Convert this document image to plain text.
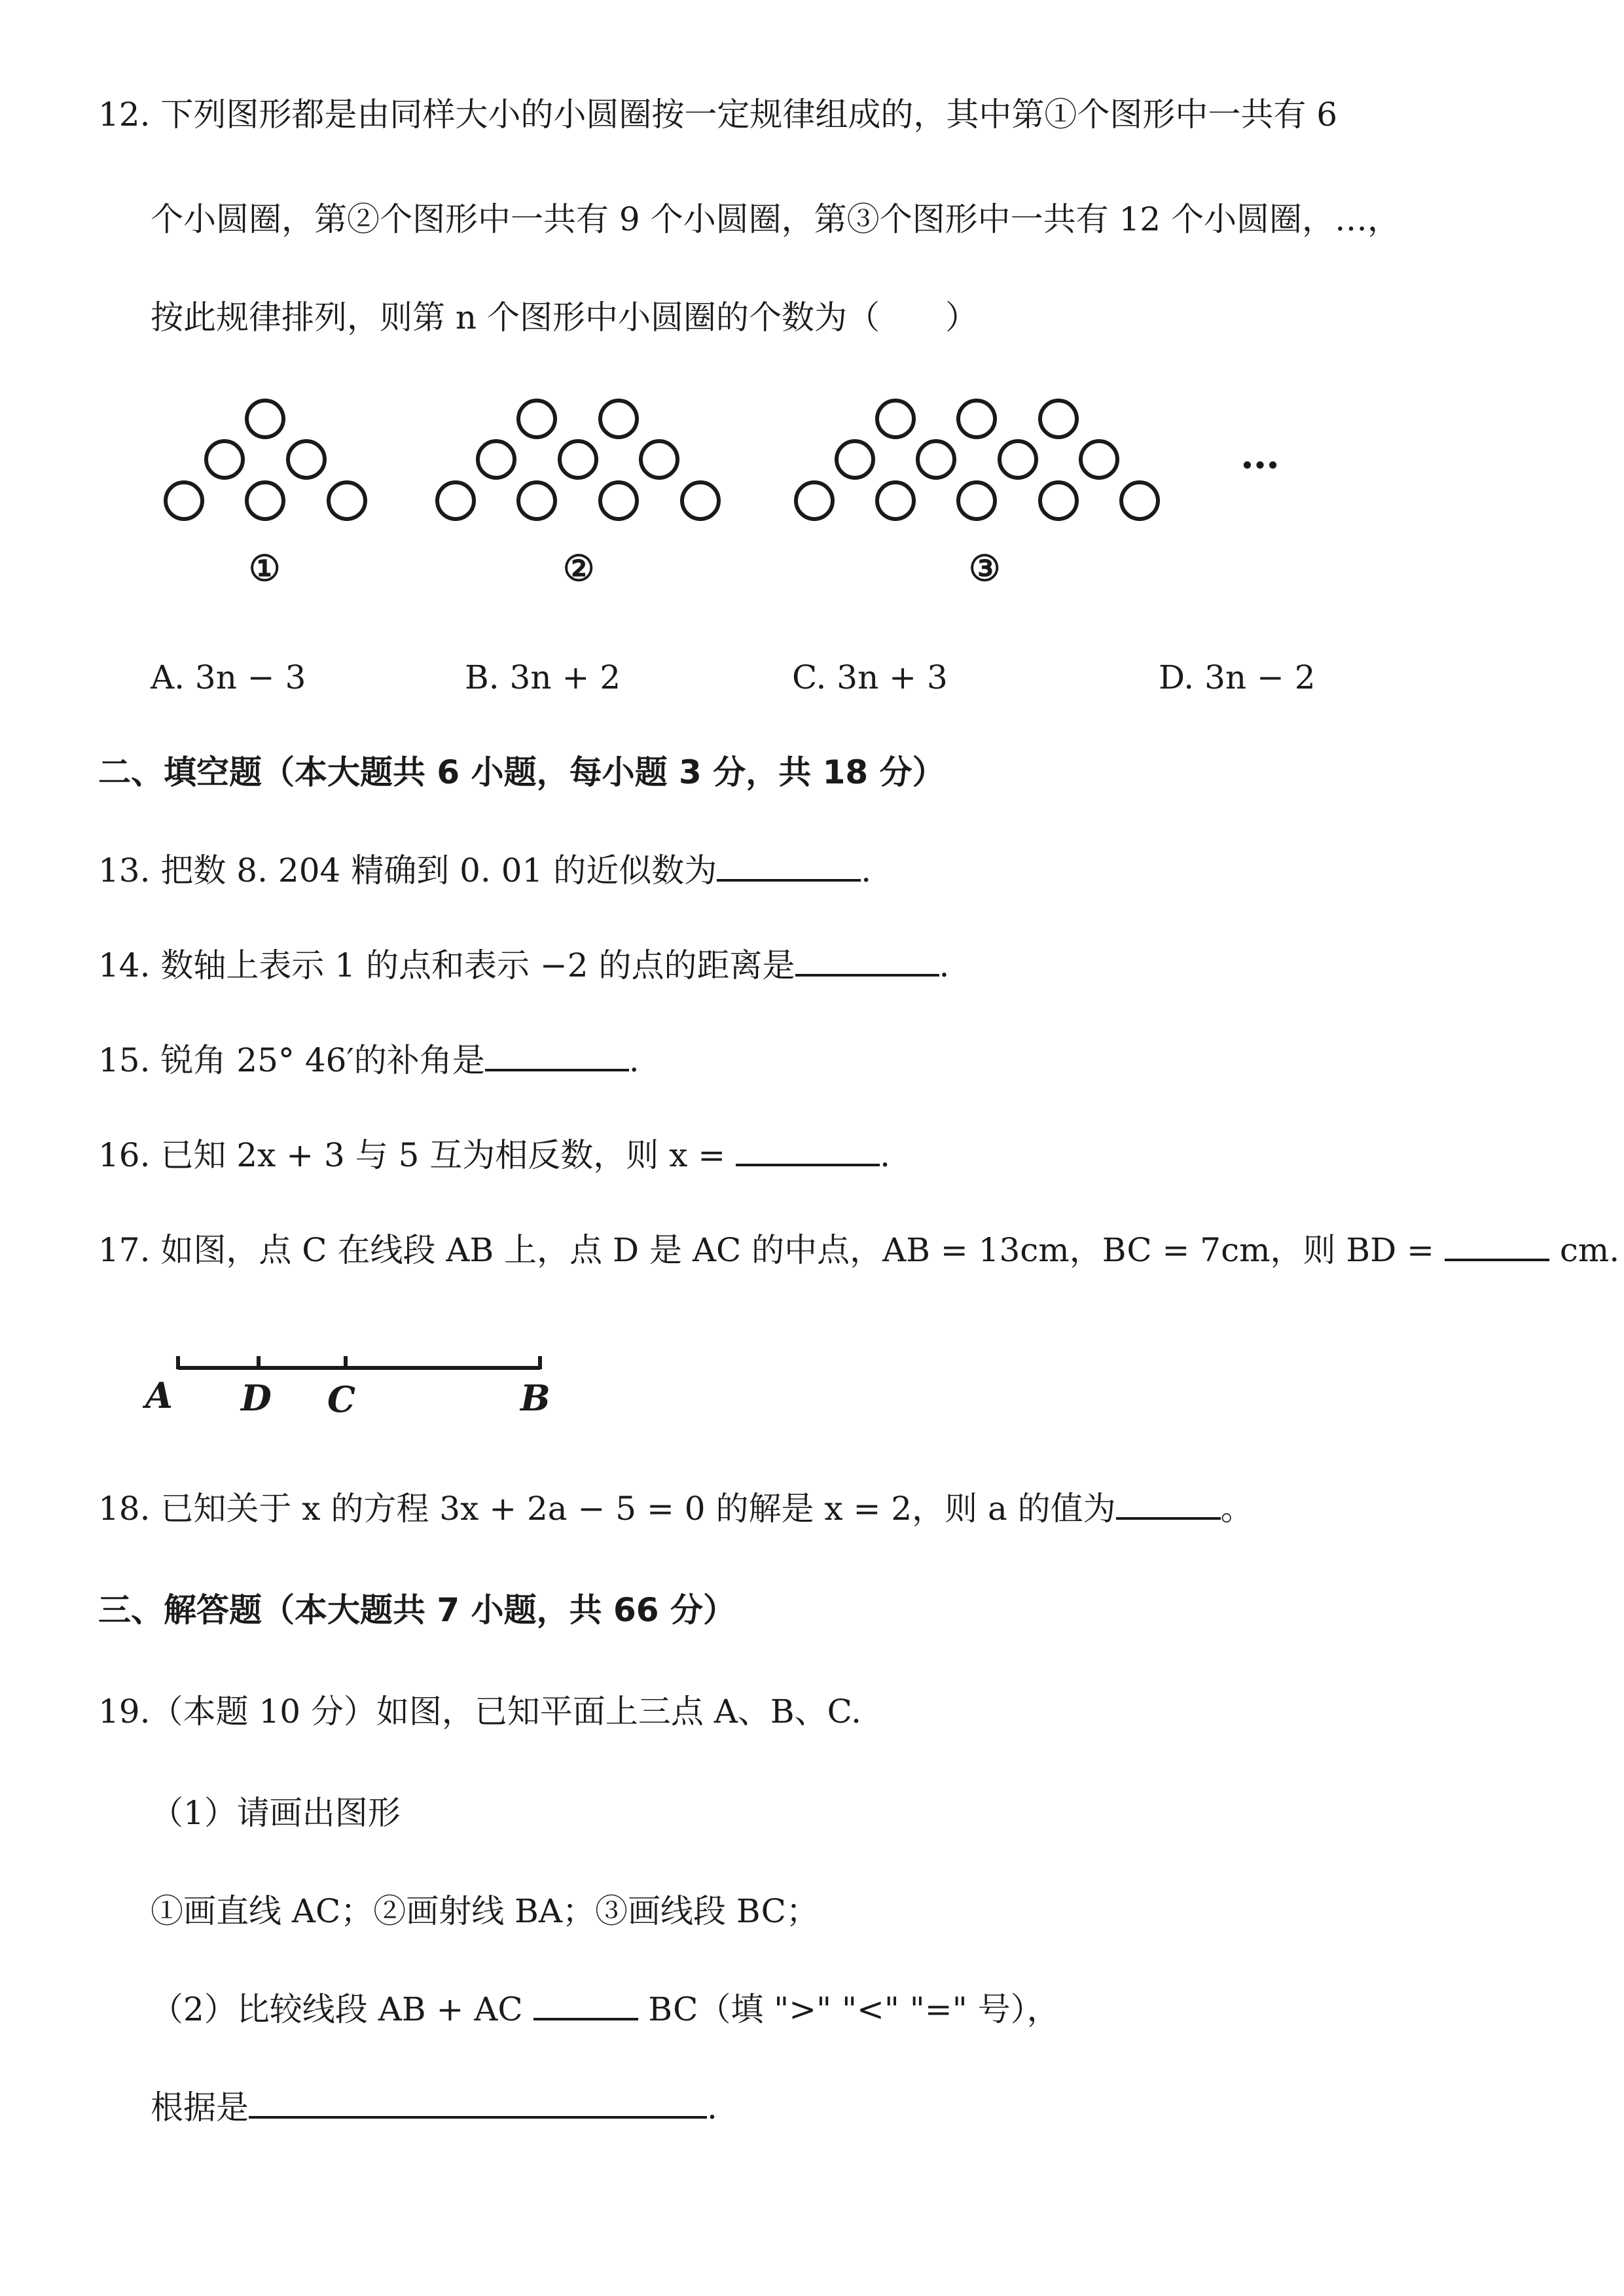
12. 下列图形都是由同样大小的小圆圈按一定规律组成的，其中第①个图形中一共有 6
个小圆圈，第②个图形中一共有 9 个小圆圈，第③个图形中一共有 12 个小圆圈，…，
按此规律排列，则第 n 个图形中小圆圈的个数为（　　）
…
①	②	③
A. 3n − 3	B. 3n + 2	C. 3n + 3	D. 3n − 2
二、填空题（本大题共 6 小题，每小题 3 分，共 18 分）
13. 把数 8. 204 精确到 0. 01 的近似数为	.
14. 数轴上表示 1 的点和表示 −2 的点的距离是	.
15. 锐角 25° 46′的补角是	.
16. 已知 2x + 3 与 5 互为相反数，则 x =	.
17. 如图，点 C 在线段 AB 上，点 D 是 AC 的中点，AB = 13cm，BC = 7cm，则 BD =	cm.
A D C	B
18. 已知关于 x 的方程 3x + 2a − 5 = 0 的解是 x = 2，则 a 的值为	。
三、解答题（本大题共 7 小题，共 66 分）
19.（本题 10 分）如图，已知平面上三点 A、B、C.
（1）请画出图形
①画直线 AC；②画射线 BA；③画线段 BC；
（2）比较线段 AB + AC	BC（填 ">" "<" "=" 号），
根据是	.
